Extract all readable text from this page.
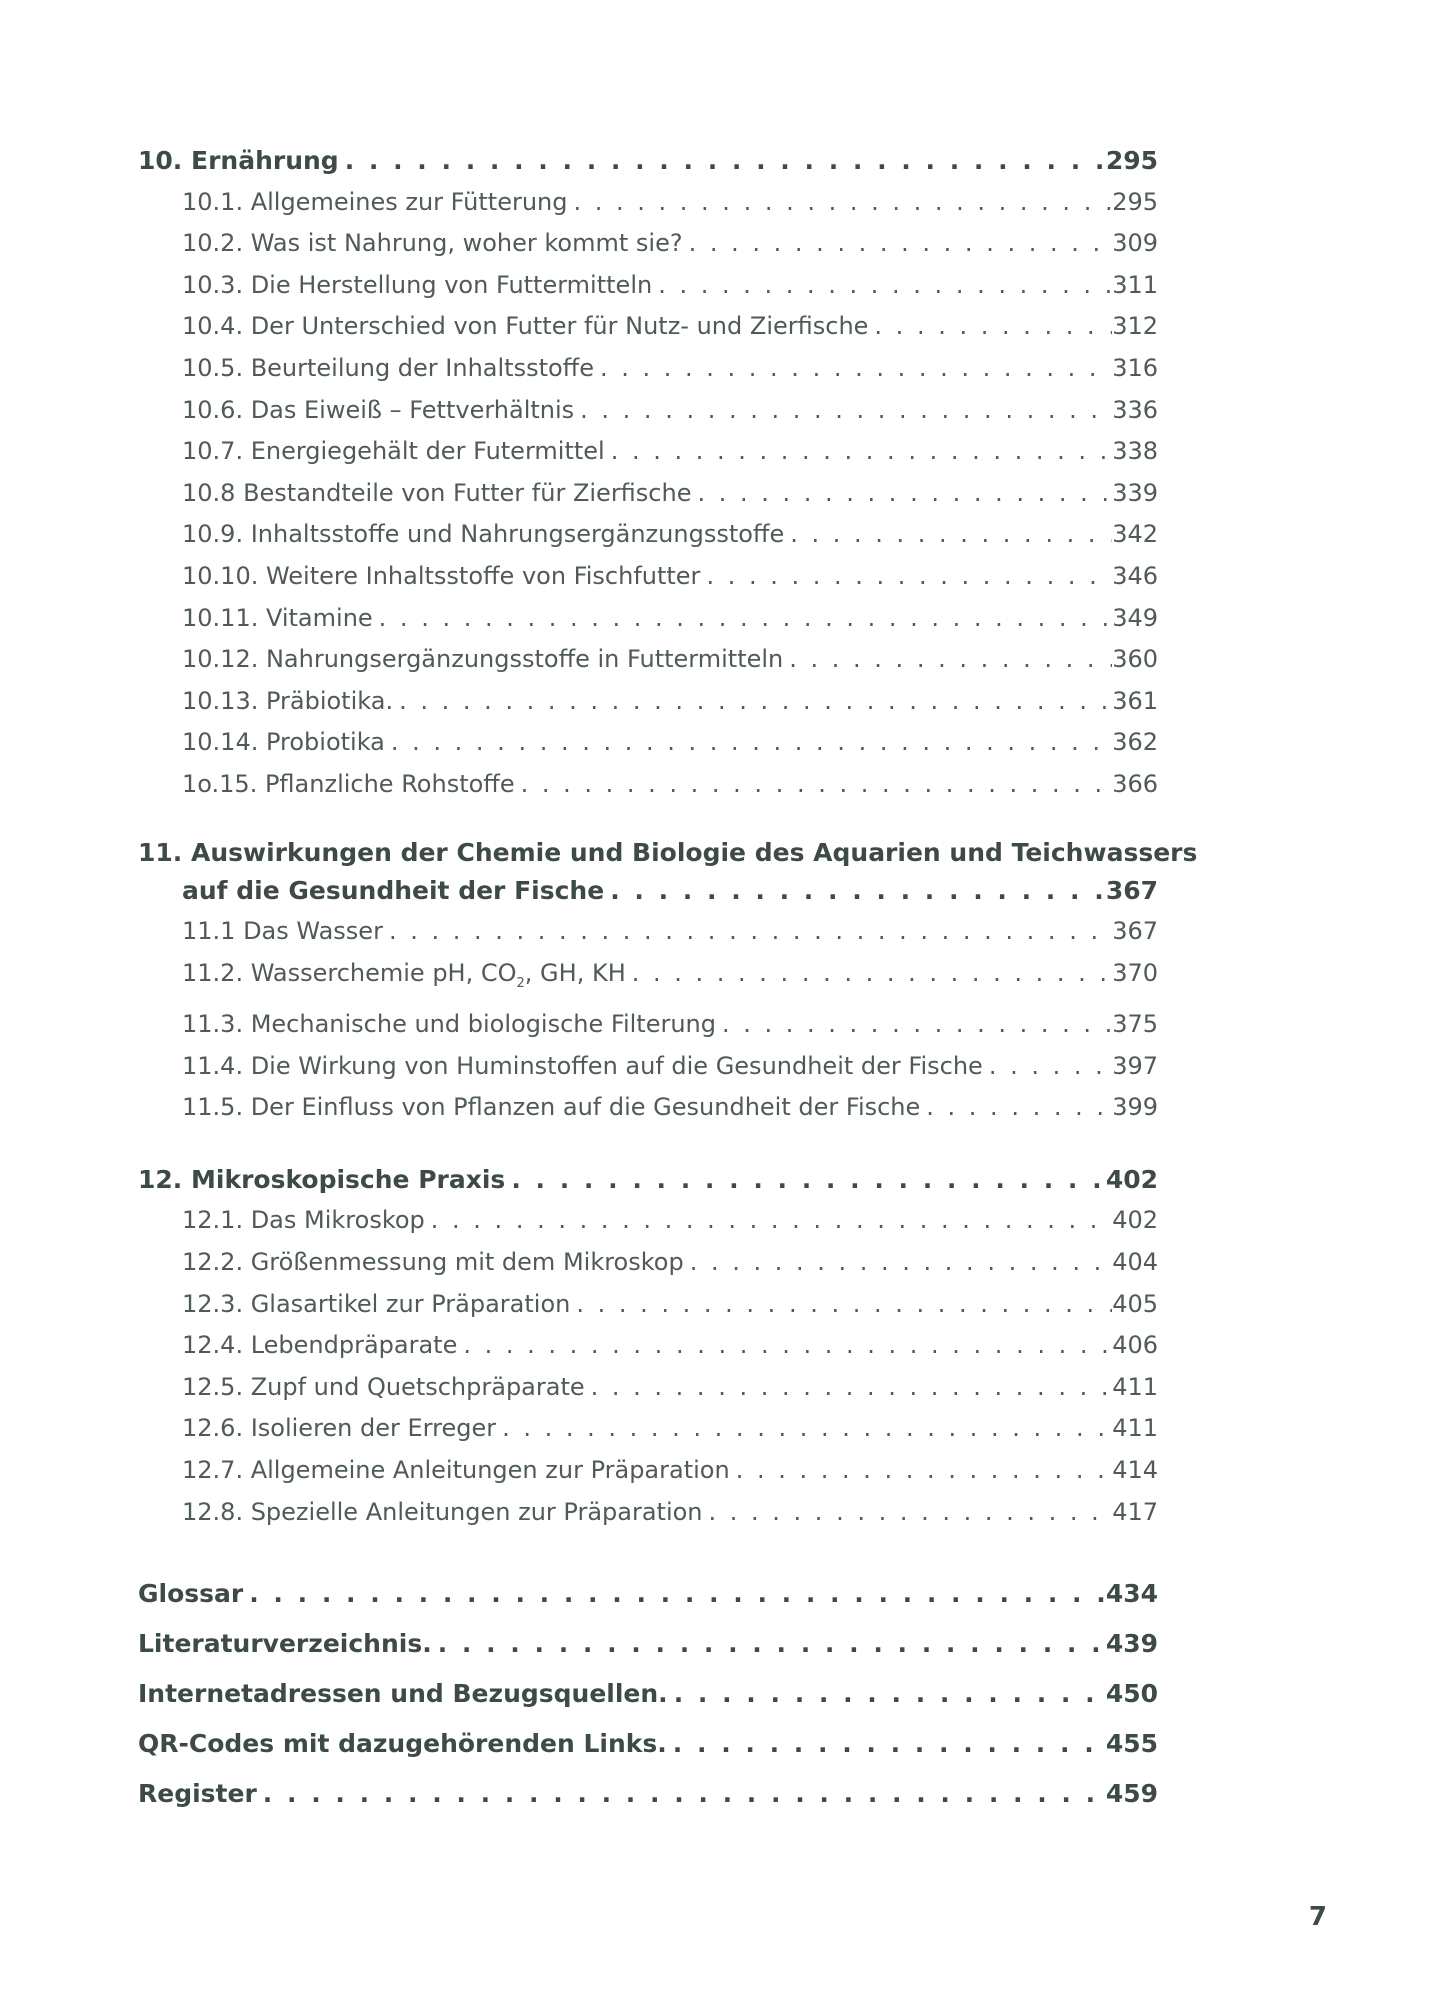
10. Ernährung . . .	295
10.1. Allgemeines zur Fütterung . . .	295
10.2. Was ist Nahrung, woher kommt sie? . . .	309
10.3. Die Herstellung von Futtermitteln . . .	311
10.4. Der Unterschied von Futter für Nutz- und Zierfische . . .	312
10.5. Beurteilung der Inhaltsstoffe . . .	316
10.6. Das Eiweiß – Fettverhältnis . . .	336
10.7. Energiegehält der Futermittel . . .	338
10.8 Bestandteile von Futter für Zierfische . . .	339
10.9. Inhaltsstoffe und Nahrungsergänzungsstoffe . . .	342
10.10. Weitere Inhaltsstoffe von Fischfutter . . .	346
10.11. Vitamine . . .	349
10.12. Nahrungsergänzungsstoffe in Futtermitteln . . .	360
10.13. Präbiotika. . . .	361
10.14. Probiotika . . .	362
1o.15. Pflanzliche Rohstoffe . . .	366
11. Auswirkungen der Chemie und Biologie des Aquarien und Teichwassers
auf die Gesundheit der Fische . . .	367
11.1 Das Wasser . . .	367
11.2. Wasserchemie pH, $CO_2$, GH, KH . . .	370
11.3. Mechanische und biologische Filterung . . .	375
11.4. Die Wirkung von Huminstoffen auf die Gesundheit der Fische . . .	397
11.5. Der Einfluss von Pflanzen auf die Gesundheit der Fische . . .	399
12. Mikroskopische Praxis . . .	402
12.1. Das Mikroskop . . .	402
12.2. Größenmessung mit dem Mikroskop . . .	404
12.3. Glasartikel zur Präparation . . .	405
12.4. Lebendpräparate . . .	406
12.5. Zupf und Quetschpräparate . . .	411
12.6. Isolieren der Erreger . . .	411
12.7. Allgemeine Anleitungen zur Präparation . . .	414
12.8. Spezielle Anleitungen zur Präparation . . .	417
Glossar . . .	434
Literaturverzeichnis. . . .	439
Internetadressen und Bezugsquellen. . . .	450
QR-Codes mit dazugehörenden Links. . . .	455
Register . . .	459
7
